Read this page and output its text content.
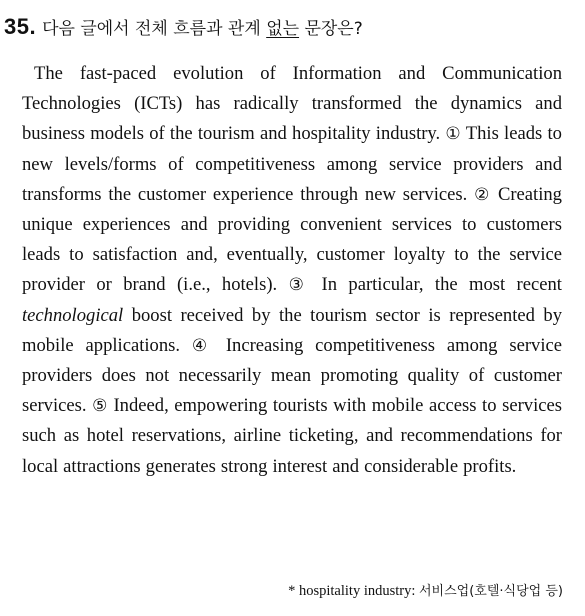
35. 다음 글에서 전체 흐름과 관계 없는 문장은?

The fast-paced evolution of Information and Communication Technologies (ICTs) has radically transformed the dynamics and business models of the tourism and hospitality industry. ① This leads to new levels/forms of competitiveness among service providers and transforms the customer experience through new services. ② Creating unique experiences and providing convenient services to customers leads to satisfaction and, eventually, customer loyalty to the service provider or brand (i.e., hotels). ③ In particular, the most recent technological boost received by the tourism sector is represented by mobile applications. ④ Increasing competitiveness among service providers does not necessarily mean promoting quality of customer services. ⑤ Indeed, empowering tourists with mobile access to services such as hotel reservations, airline ticketing, and recommendations for local attractions generates strong interest and considerable profits.

* hospitality industry: 서비스업(호텔·식당업 등)
